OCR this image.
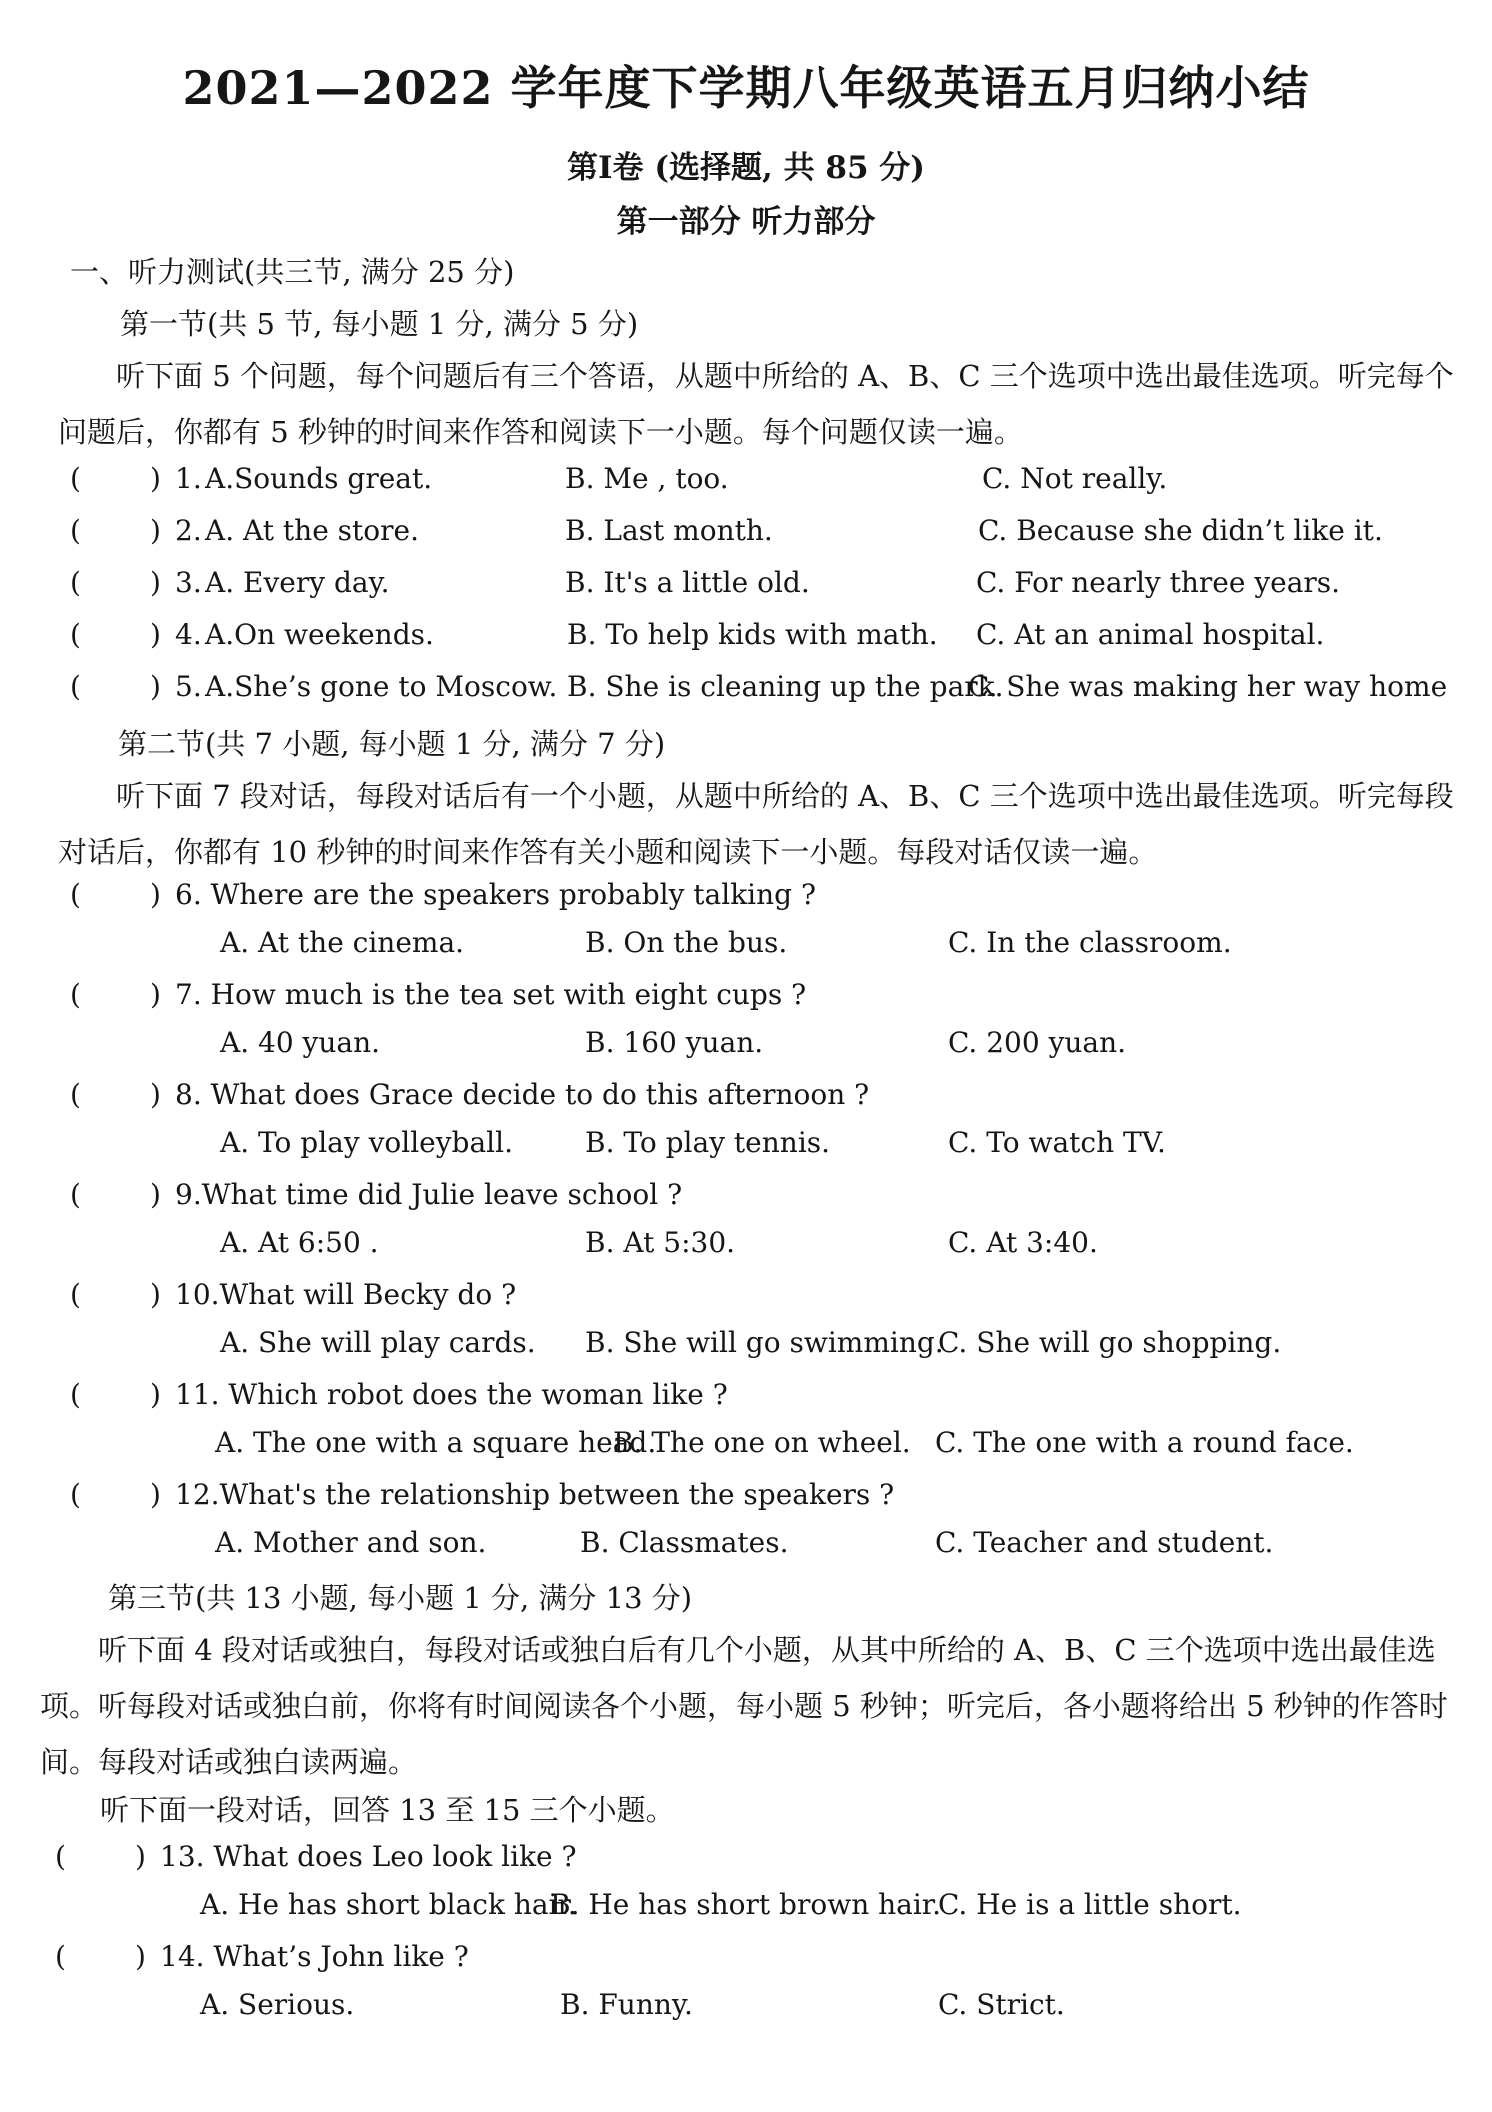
2021—2022 学年度下学期八年级英语五月归纳小结
第Ⅰ卷 (选择题, 共 85 分)
第一部分 听力部分
一、听力测试(共三节, 满分 25 分)
第一节(共 5 节, 每小题 1 分, 满分 5 分)
听下面 5 个问题，每个问题后有三个答语，从题中所给的 A、B、C 三个选项中选出最佳选项。听完每个问题后，你都有 5 秒钟的时间来作答和阅读下一小题。每个问题仅读一遍。
( ) 1. A.Sounds great.	B. Me , too.	C. Not really.
( ) 2. A. At the store.	B. Last month.	C. Because she didn’t like it.
( ) 3. A. Every day.	B. It's a little old.	C. For nearly three years.
( ) 4. A.On weekends.	B. To help kids with math. C. At an animal hospital.
( ) 5. A.She’s gone to Moscow. B. She is cleaning up the park.
C. She was making her way home
第二节(共 7 小题, 每小题 1 分, 满分 7 分)
听下面 7 段对话，每段对话后有一个小题，从题中所给的 A、B、C 三个选项中选出最佳选项。听完每段对话后，你都有 10 秒钟的时间来作答有关小题和阅读下一小题。每段对话仅读一遍。
( ) 6. Where are the speakers probably talking ?
A. At the cinema.	B. On the bus.	C. In the classroom.
( ) 7. How much is the tea set with eight cups ?
A. 40 yuan.	B. 160 yuan.	C. 200 yuan.
( ) 8. What does Grace decide to do this afternoon ?
A. To play volleyball.	B. To play tennis.	C. To watch TV.
( ) 9.What time did Julie leave school ?
A. At 6:50 .	B. At 5:30.	C. At 3:40.
( ) 10.What will Becky do ?
A. She will play cards. B. She will go swimming.
C. She will go shopping.
( ) 11. Which robot does the woman like ?
A. The one with a square head.
B. The one on wheel. C. The one with a round face.
( ) 12.What's the relationship between the speakers ?
A. Mother and son.	B. Classmates.	C. Teacher and student.
第三节(共 13 小题, 每小题 1 分, 满分 13 分)
听下面 4 段对话或独白，每段对话或独白后有几个小题，从其中所给的 A、B、C 三个选项中选出最佳选项。听每段对话或独白前，你将有时间阅读各个小题，每小题 5 秒钟；听完后，各小题将给出 5 秒钟的作答时间。每段对话或独白读两遍。
听下面一段对话，回答 13 至 15 三个小题。
( ) 13. What does Leo look like ?
A. He has short black hair.
B. He has short brown hair.
C. He is a little short.
( ) 14. What’s John like ?
A. Serious.	B. Funny.	C. Strict.
